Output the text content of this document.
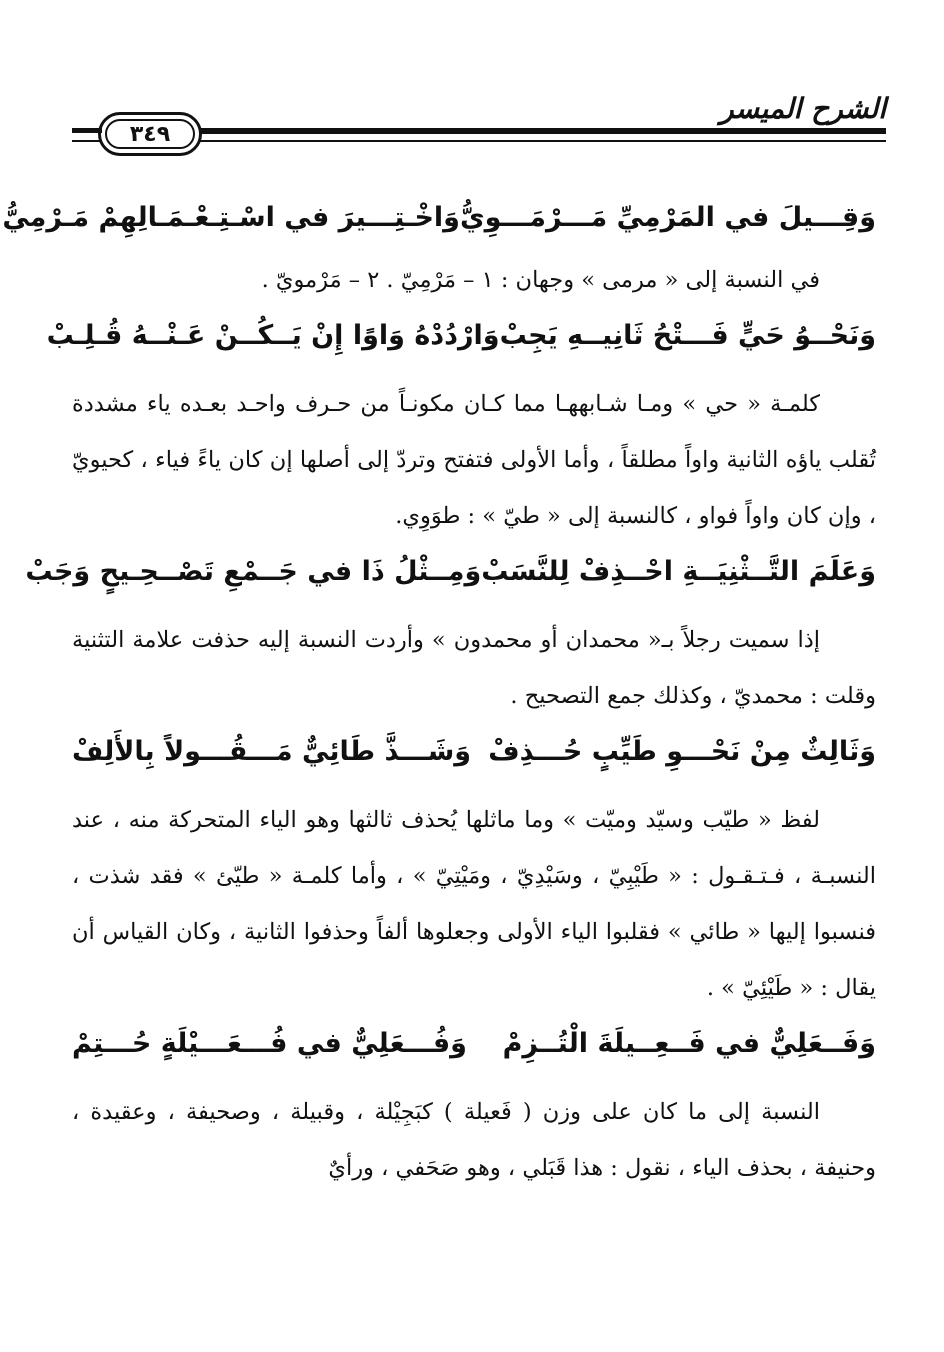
الشرح الميسر
٣٤٩
وَقِـــيلَ في المَرْمِيِّ مَـــرْمَـــوِيُّ
وَاخْـتِـــيرَ في اسْـتِـعْـمَـالِهِمْ مَـرْمِيُّ

في النسبة إلى « مرمى » وجهان : ١ – مَرْمِيّ . ٢ – مَرْمويّ .

وَنَحْــوُ حَيٍّ فَـــتْحُ ثَانِيــهِ يَجِبْ
وَارْدُدْهُ وَاوًا إِنْ يَــكُــنْ عَـنْــهُ قُـلِـبْ

كلمـة « حي » ومـا شـابههـا مما كـان مكونـاً من حـرف واحـد بعـده ياء مشددة تُقلب ياؤه الثانية واواً مطلقاً ، وأما الأولى فتفتح وتردّ إلى أصلها إن كان ياءً فياء ، كحيويّ ، وإن كان واواً فواو ، كالنسبة إلى « طيّ » : طوَوِي.

وَعَلَمَ التَّــثْنِيَــةِ احْــذِفْ لِلنَّسَبْ
وَمِــثْلُ ذَا في جَــمْعِ تَصْــحِـيحٍ وَجَبْ

إذا سميت رجلاً بـ« محمدان أو محمدون » وأردت النسبة إليه حذفت علامة التثنية وقلت : محمديّ ، وكذلك جمع التصحيح .

وَثَالِثٌ مِنْ نَحْـــوِ طَيِّبٍ حُـــذِفْ
وَشَـــذَّ طَائِيٌّ مَـــقُـــولاً بِالأَلِفْ

لفظ « طيّب وسيّد وميّت » وما ماثلها يُحذف ثالثها وهو الياء المتحركة منه ، عند النسبـة ، فـتـقـول : « طَيْبِيّ ، وسَيْدِيّ ، ومَيْتِيّ » ، وأما كلمـة « طيّئ » فقد شذت ، فنسبوا إليها « طائي » فقلبوا الياء الأولى وجعلوها ألفاً وحذفوا الثانية ، وكان القياس أن يقال : « طَيْئِيّ » .

وَفَــعَلِيٌّ في فَــعِــيلَةَ الْتُــزِمْ
وَفُـــعَلِيٌّ في فُـــعَـــيْلَةٍ حُـــتِمْ

النسبة إلى ما كان على وزن ( فَعيلة ) كبَجِيْلة ، وقبيلة ، وصحيفة ، وعقيدة ، وحنيفة ، بحذف الياء ، نقول : هذا قَبَلي ، وهو صَحَفي ، ورأيٌ
